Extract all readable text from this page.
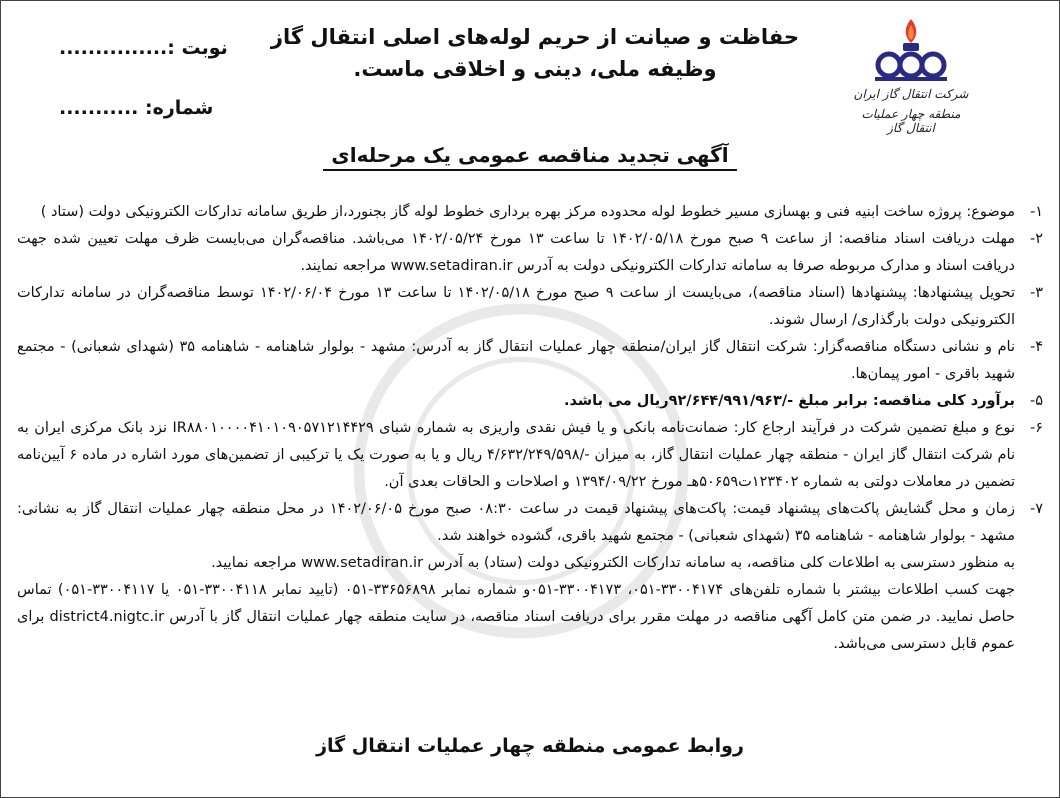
شرکت انتقال گاز ایران
منطقه چهار عملیات انتقال گاز
حفاظت و صیانت از حریم لوله‌های اصلی انتقال گاز
وظیفه ملی، دینی و اخلاقی ماست.
نوبت :...............
شماره: ...........
آگهی تجدید مناقصه عمومی یک مرحله‌ای
۱-
موضوع: پروژه ساخت ابنیه فنی و بهسازی مسیر خطوط لوله محدوده مرکز بهره برداری خطوط لوله گاز بجنورد،از طریق سامانه تدارکات الکترونیکی دولت (ستاد )
۲-
مهلت دریافت اسناد مناقصه: از ساعت ۹ صبح مورخ ۱۴۰۲/۰۵/۱۸ تا ساعت ۱۳ مورخ ۱۴۰۲/۰۵/۲۴ می‌باشد. مناقصه‌گران می‌بایست ظرف مهلت تعیین شده جهت دریافت اسناد و مدارک مربوطه صرفا به سامانه تدارکات الکترونیکی دولت به آدرس www.setadiran.ir مراجعه نمایند.
۳-
تحویل پیشنهادها: پیشنهادها (اسناد مناقصه)، می‌بایست از ساعت ۹ صبح مورخ ۱۴۰۲/۰۵/۱۸ تا ساعت ۱۳ مورخ ۱۴۰۲/۰۶/۰۴ توسط مناقصه‌گران در سامانه تدارکات الکترونیکی دولت بارگذاری/ ارسال شوند.
۴-
نام و نشانی دستگاه مناقصه‌گزار: شرکت انتقال گاز ایران/منطقه چهار عملیات انتقال گاز به آدرس: مشهد - بولوار شاهنامه - شاهنامه ۳۵ (شهدای شعبانی) - مجتمع شهید باقری - امور پیمان‌ها.
۵-
برآورد کلی مناقصه: برابر مبلغ -/۹۲/۶۴۴/۹۹۱/۹۶۳ریال می باشد.
۶-
نوع و مبلغ تضمین شرکت در فرآیند ارجاع کار: ضمانت‌نامه بانکی و یا فیش نقدی واریزی به شماره شبای IR۸۸۰۱۰۰۰۰۴۱۰۱۰۹۰۵۷۱۲۱۴۴۲۹ نزد بانک مرکزی ایران به نام شرکت انتقال گاز ایران - منطقه چهار عملیات انتقال گاز، به میزان -/۴/۶۳۲/۲۴۹/۵۹۸ ریال و یا به صورت یک یا ترکیبی از تضمین‌های مورد اشاره در ماده ۶ آیین‌نامه تضمین در معاملات دولتی به شماره ۱۲۳۴۰۲ت۵۰۶۵۹هـ مورخ ۱۳۹۴/۰۹/۲۲ و اصلاحات و الحاقات بعدی آن.
۷-
زمان و محل گشایش پاکت‌های پیشنهاد قیمت: پاکت‌های پیشنهاد قیمت در ساعت ۰۸:۳۰ صبح مورخ ۱۴۰۲/۰۶/۰۵ در محل منطقه چهار عملیات انتقال گاز به نشانی: مشهد - بولوار شاهنامه - شاهنامه ۳۵ (شهدای شعبانی) - مجتمع شهید باقری، گشوده خواهند شد.
به منظور دسترسی به اطلاعات کلی مناقصه، به سامانه تدارکات الکترونیکی دولت (ستاد) به آدرس www.setadiran.ir مراجعه نمایید.
جهت کسب اطلاعات بیشتر با شماره تلفن‌های ۳۳۰۰۴۱۷۴-۰۵۱، ۳۳۰۰۴۱۷۳-۰۵۱و شماره نمابر ۳۳۶۵۶۸۹۸-۰۵۱ (تایید نمابر ۳۳۰۰۴۱۱۸-۰۵۱ یا ۳۳۰۰۴۱۱۷-۰۵۱) تماس حاصل نمایید. در ضمن متن کامل آگهی مناقصه در مهلت مقرر برای دریافت اسناد مناقصه، در سایت منطقه چهار عملیات انتقال گاز با آدرس district4.nigtc.ir برای عموم قابل دسترسی می‌باشد.
روابط عمومی منطقه چهار عملیات انتقال گاز
